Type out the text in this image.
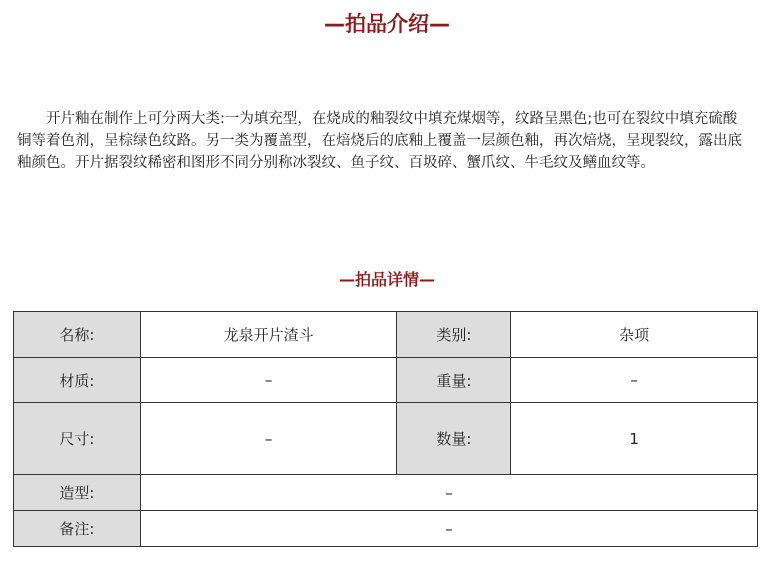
—拍品介绍—

　　开片釉在制作上可分两大类:一为填充型，在烧成的釉裂纹中填充煤烟等，纹路呈黑色;也可在裂纹中填充硫酸铜等着色剂，呈棕绿色纹路。另一类为覆盖型，在焙烧后的底釉上覆盖一层颜色釉，再次焙烧，呈现裂纹，露出底釉颜色。开片据裂纹稀密和图形不同分别称冰裂纹、鱼子纹、百圾碎、蟹爪纹、牛毛纹及鳝血纹等。

—拍品详情—
名称:	龙泉开片渣斗	类别:	杂项
材质:	–	重量:	–
尺寸:	–	数量:	1
造型:	–		
备注:	–		
